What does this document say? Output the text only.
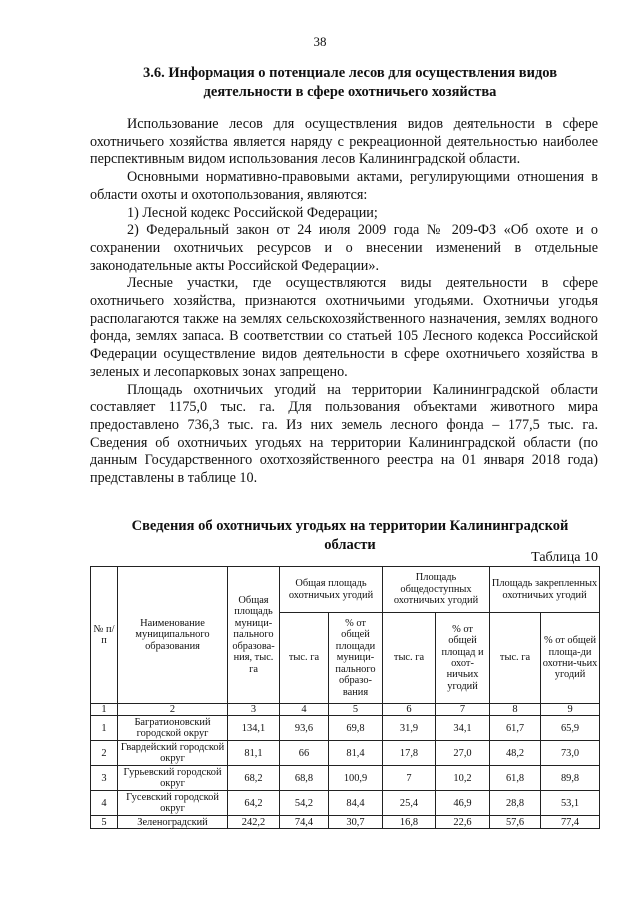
38
3.6. Информация о потенциале лесов для осуществления видов
деятельности в сфере охотничьего хозяйства

Использование лесов для осуществления видов деятельности в сфере охотничьего хозяйства является наряду с рекреационной деятельностью наиболее перспективным видом использования лесов Калининградской области.

Основными нормативно-правовыми актами, регулирующими отношения в области охоты и охотопользования, являются:

1) Лесной кодекс Российской Федерации;

2) Федеральный закон от 24 июля 2009 года № 209-ФЗ «Об охоте и о сохранении охотничьих ресурсов и о внесении изменений в отдельные законодательные акты Российской Федерации».

Лесные участки, где осуществляются виды деятельности в сфере охотничьего хозяйства, признаются охотничьими угодьями. Охотничьи угодья располагаются также на землях сельскохозяйственного назначения, землях водного фонда, землях запаса. В соответствии со статьей 105 Лесного кодекса Российской Федерации осуществление видов деятельности в сфере охотничьего хозяйства в зеленых и лесопарковых зонах запрещено.

Площадь охотничьих угодий на территории Калининградской области составляет 1175,0 тыс. га. Для пользования объектами животного мира предоставлено 736,3 тыс. га. Из них земель лесного фонда – 177,5 тыс. га. Сведения об охотничьих угодьях на территории Калининградской области (по данным Государственного охотхозяйственного реестра на 01 января 2018 года) представлены в таблице 10.

Сведения об охотничьих угодьях на территории Калининградской
области
Таблица 10
№ п/п	Наименование муниципального образования	Общая площадь муници-пального образова-ния, тыс. га	Общая площадь охотничьих угодий		Площадь общедоступных охотничьих угодий		Площадь закрепленных охотничьих угодий	
			тыс. га	% от общей площади муници-пального образо-вания	тыс. га	% от общей площад и охот-ничьих угодий	тыс. га	% от общей площа-ди охотни-чьих угодий
1	2	3	4	5	6	7	8	9
1	Багратионовский городской округ	134,1	93,6	69,8	31,9	34,1	61,7	65,9
2	Гвардейский городской округ	81,1	66	81,4	17,8	27,0	48,2	73,0
3	Гурьевский городской округ	68,2	68,8	100,9	7	10,2	61,8	89,8
4	Гусевский городской округ	64,2	54,2	84,4	25,4	46,9	28,8	53,1
5	Зеленоградский	242,2	74,4	30,7	16,8	22,6	57,6	77,4
